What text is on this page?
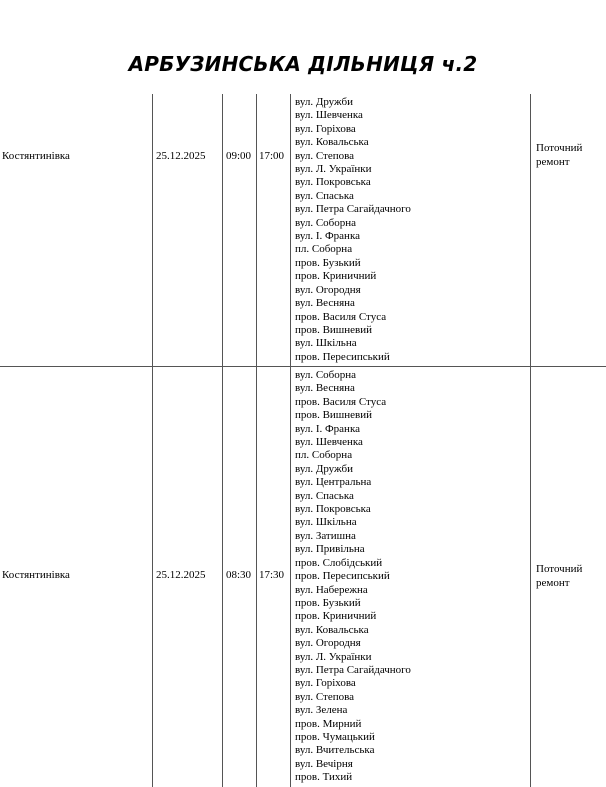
АРБУЗИНСЬКА ДІЛЬНИЦЯ ч.2
Костянтинівка	25.12.2025 09:00 17:00
вул. Дружби
вул. Шевченка
вул. Горіхова
вул. Ковальська
вул. Степова
вул. Л. Українки
вул. Покровська
вул. Спаська
вул. Петра Сагайдачного
вул. Соборна
вул. І. Франка
пл. Соборна
пров. Бузький
пров. Криничний
вул. Огородня
вул. Весняна
пров. Василя Стуса
пров. Вишневий
вул. Шкільна
пров. Пересипський
Поточний
ремонт
Костянтинівка	25.12.2025 08:30 17:30
вул. Соборна
вул. Весняна
пров. Василя Стуса
пров. Вишневий
вул. І. Франка
вул. Шевченка
пл. Соборна
вул. Дружби
вул. Центральна
вул. Спаська
вул. Покровська
вул. Шкільна
вул. Затишна
вул. Привільна
пров. Слобідський
пров. Пересипський
вул. Набережна
пров. Бузький
пров. Криничний
вул. Ковальська
вул. Огородня
вул. Л. Українки
вул. Петра Сагайдачного
вул. Горіхова
вул. Степова
вул. Зелена
пров. Мирний
пров. Чумацький
вул. Вчительська
вул. Вечірня
пров. Тихий
Поточний
ремонт
